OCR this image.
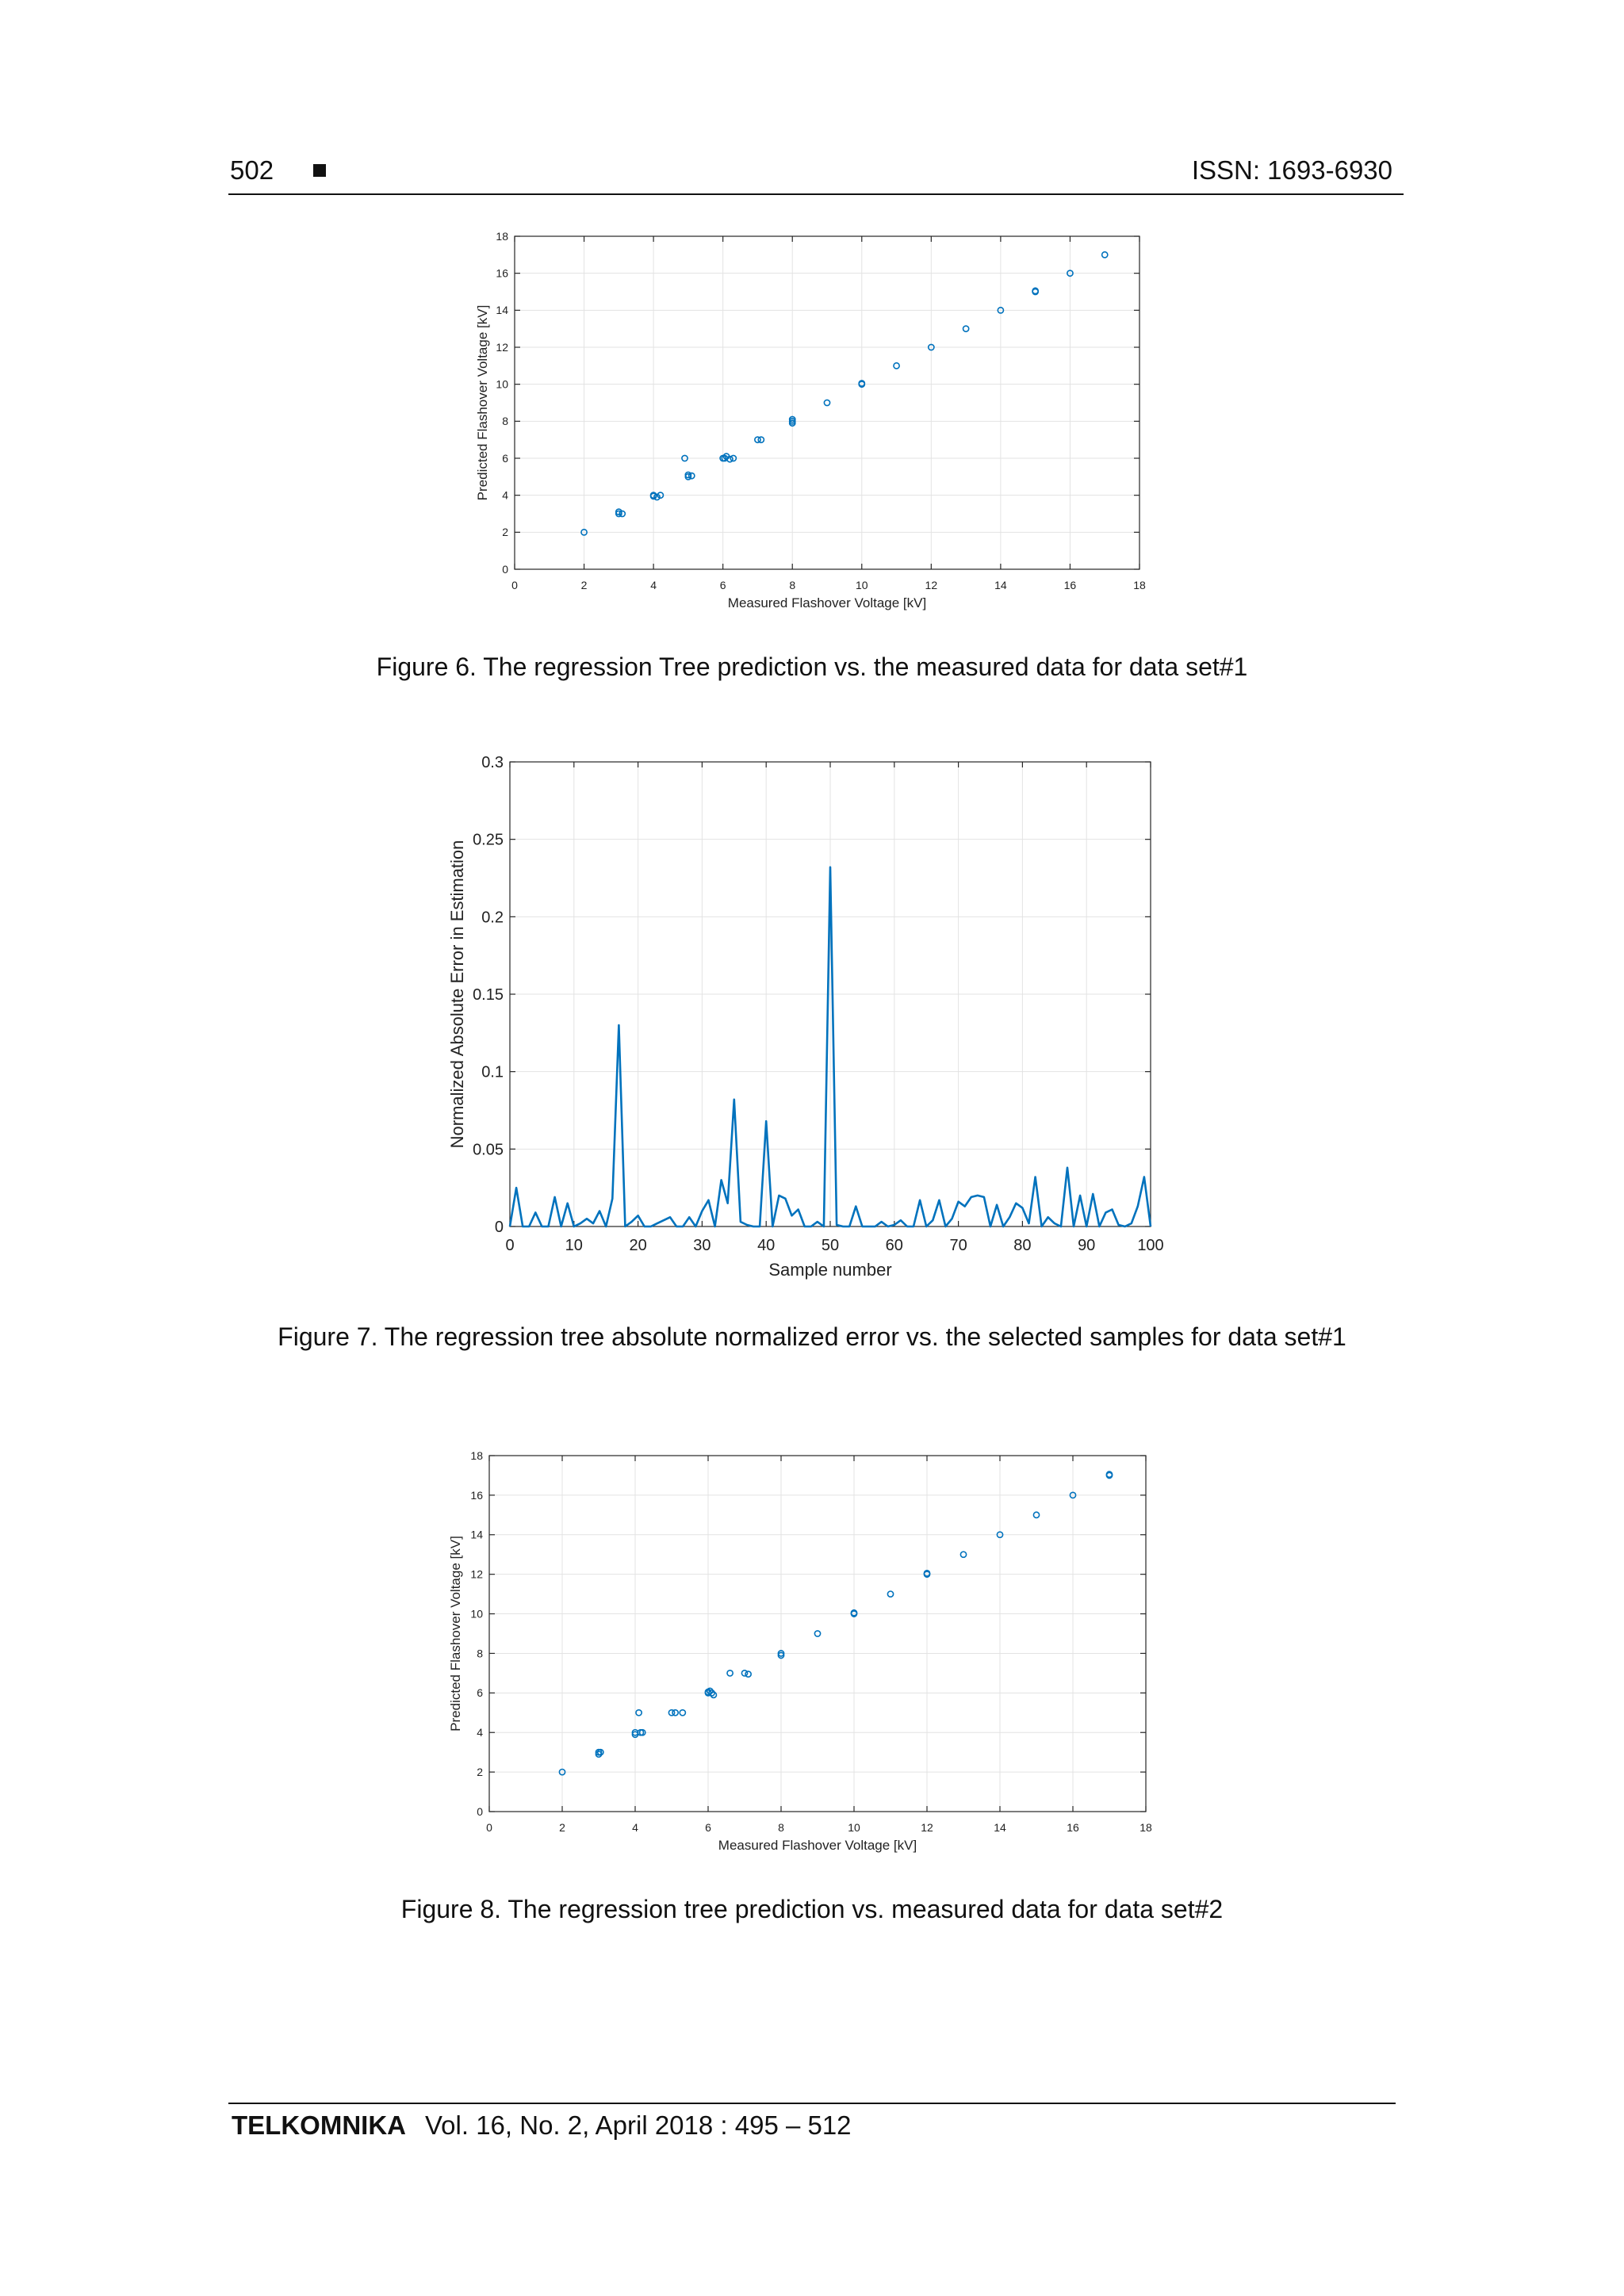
502	ISSN: 1693-6930
0	2	4	6	8	10	12	14	16	18
0
2
4
6
8
10
12
14
16
18
Measured Flashover Voltage [kV]
Predicted Flashover Voltage [kV]
0	10	20	30	40	50	60	70	80	90	100
0
0.05
0.1
0.15
0.2
0.25
0.3
Sample number
Normalized Absolute Error in Estimation
0	2	4	6	8	10	12	14	16	18
0
2
4
6
8
10
12
14
16
18
Measured Flashover Voltage [kV]
Predicted Flashover Voltage [kV]
Figure 6. The regression Tree prediction vs. the measured data for data set#1
Figure 7. The regression tree absolute normalized error vs. the selected samples for data set#1
Figure 8. The regression tree prediction vs. measured data for data set#2
TELKOMNIKA Vol. 16, No. 2, April 2018 : 495 – 512
